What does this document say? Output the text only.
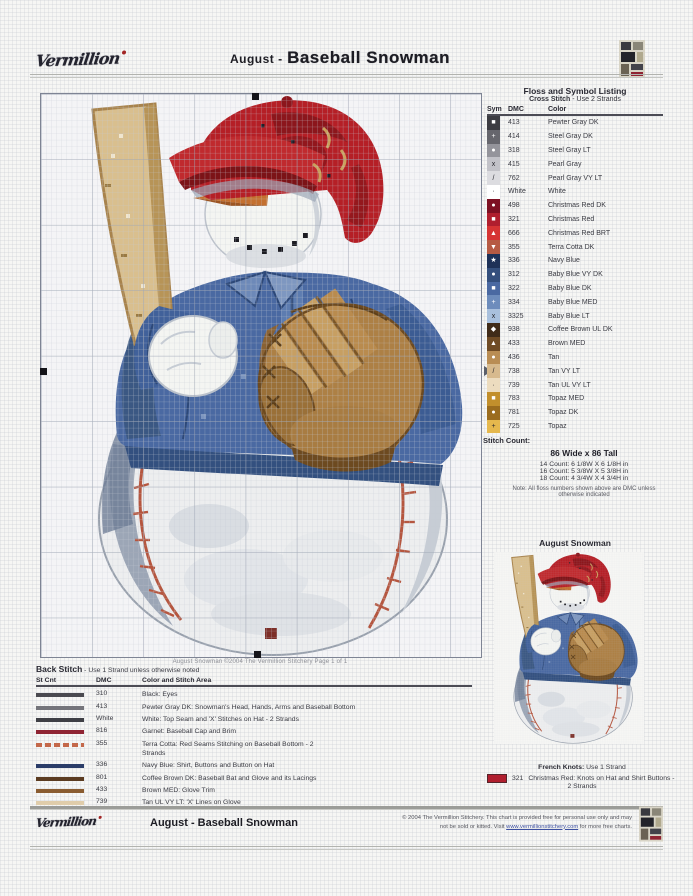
Vermillion	August - Baseball Snowman
August Snowman ©2004 The Vermillion Stitchery Page 1 of 1
Floss and Symbol Listing
Cross Stitch - Use 2 Strands
Sym DMC	Color
■	413	Pewter Gray DK
+	414	Steel Gray DK
●	318	Steel Gray LT
x	415	Pearl Gray
/	762	Pearl Gray VY LT
·	White	White
●	498	Christmas Red DK
■	321	Christmas Red
▲	666	Christmas Red BRT
▼	355	Terra Cotta DK
★	336	Navy Blue
●	312	Baby Blue VY DK
■	322	Baby Blue DK
+	334	Baby Blue MED
x	3325	Baby Blue LT
◆	938	Coffee Brown UL DK
▲	433	Brown MED
●	436	Tan
/	738	Tan VY LT
·	739	Tan UL VY LT
■	783	Topaz MED
●	781	Topaz DK
+	725	Topaz
Stitch Count:
86 Wide x 86 Tall
14 Count: 6 1/8W X 6 1/8H in
16 Count: 5 3/8W X 5 3/8H in
18 Count: 4 3/4W X 4 3/4H in
Note: All floss numbers shown above are DMC unless
otherwise indicated
August Snowman
French Knots: Use 1 Strand
321 Christmas Red: Knots on Hat and Shirt Buttons -
2 Strands
Back Stitch - Use 1 Strand unless otherwise noted
St Cnt	DMC	Color and Stitch Area
310	Black: Eyes
413	Pewter Gray DK: Snowman's Head, Hands, Arms and Baseball Bottom
White	White: Top Seam and 'X' Stitches on Hat - 2 Strands
816	Garnet: Baseball Cap and Brim
355	Terra Cotta: Red Seams Stitching on Baseball Bottom - 2
Strands
336	Navy Blue: Shirt, Buttons and Button on Hat
801	Coffee Brown DK: Baseball Bat and Glove and its Lacings
433	Brown MED: Glove Trim
739	Tan UL VY LT: 'X' Lines on Glove
Vermillion	August - Baseball Snowman	© 2004 The Vermillion Stitchery. This chart is provided free for personal use only and may
not be sold or kitted. Visit www.vermillionstitchery.com for more free charts.
